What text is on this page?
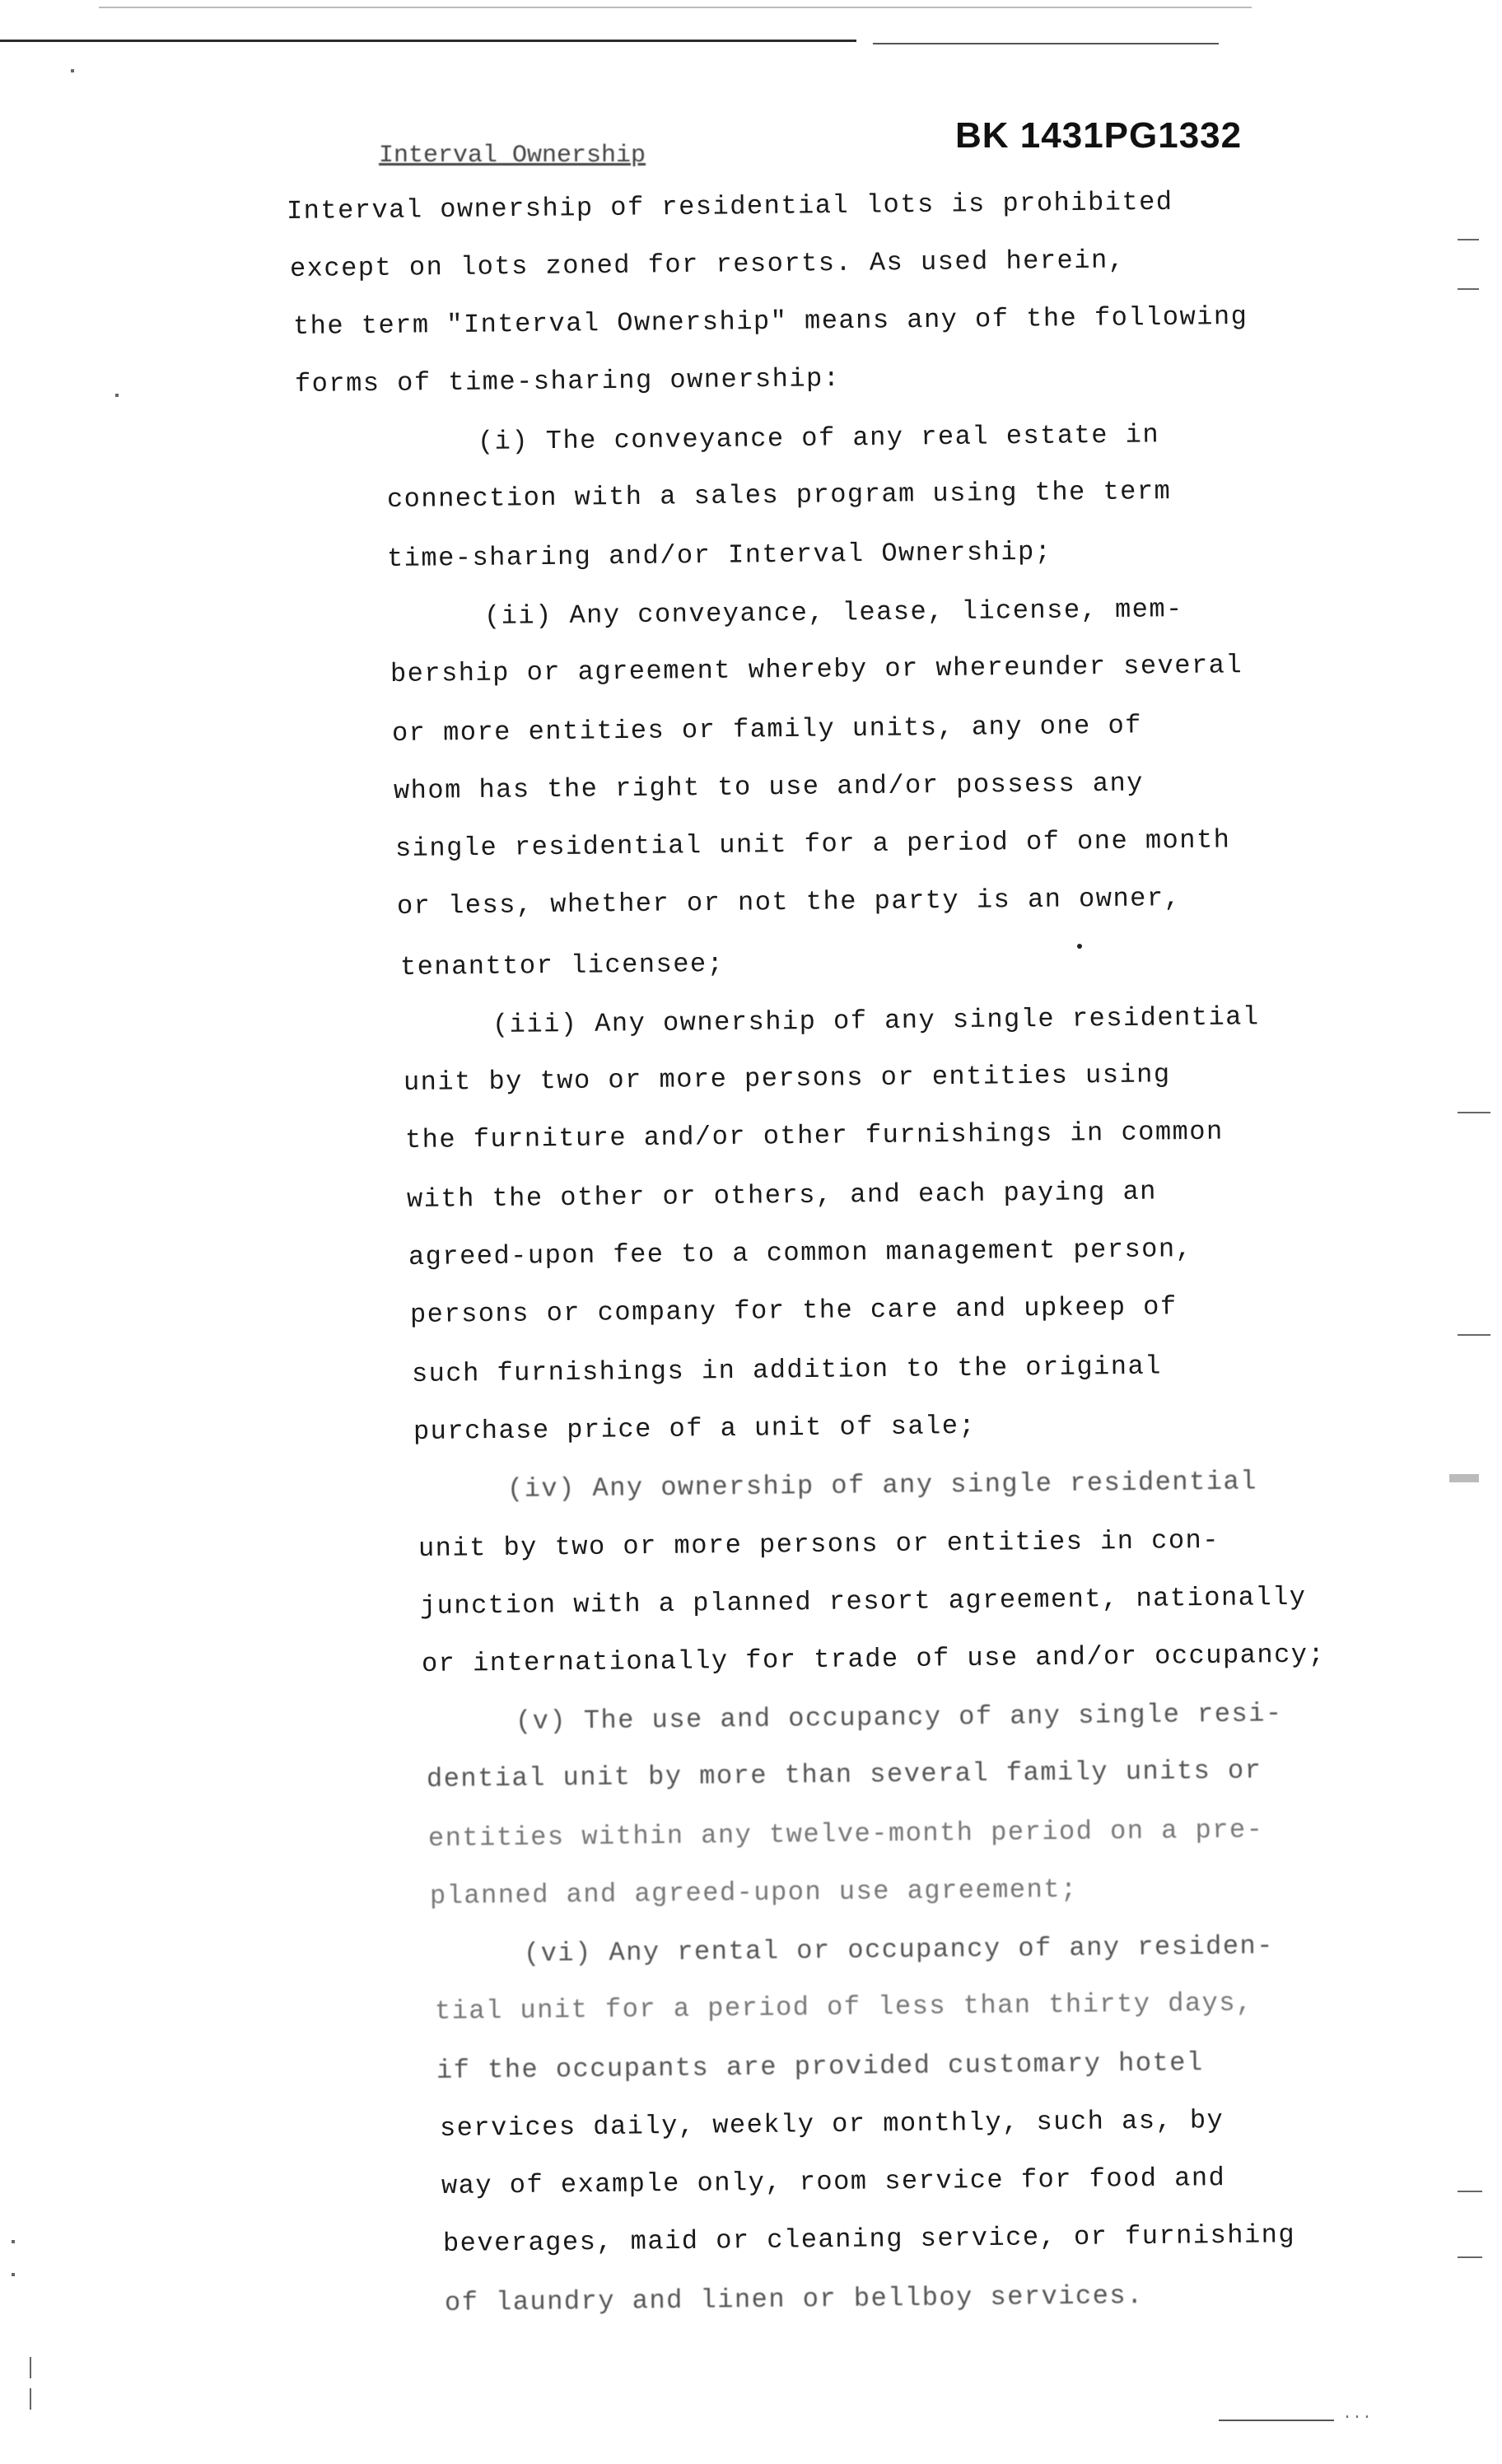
BK 1431PG1332
Interval Ownership
Interval ownership of residential lots is prohibited
except on lots zoned for resorts. As used herein,
the term "Interval Ownership" means any of the following
forms of time-sharing ownership:
(i) The conveyance of any real estate in
connection with a sales program using the term
time-sharing and/or Interval Ownership;
(ii) Any conveyance, lease, license, mem-
bership or agreement whereby or whereunder several
or more entities or family units, any one of
whom has the right to use and/or possess any
single residential unit for a period of one month
or less, whether or not the party is an owner,
tenanttor licensee;
(iii) Any ownership of any single residential
unit by two or more persons or entities using
the furniture and/or other furnishings in common
with the other or others, and each paying an
agreed-upon fee to a common management person,
persons or company for the care and upkeep of
such furnishings in addition to the original
purchase price of a unit of sale;
(iv) Any ownership of any single residential
unit by two or more persons or entities in con-
junction with a planned resort agreement, nationally
or internationally for trade of use and/or occupancy;
(v) The use and occupancy of any single resi-
dential unit by more than several family units or
entities within any twelve-month period on a pre-
planned and agreed-upon use agreement;
(vi) Any rental or occupancy of any residen-
tial unit for a period of less than thirty days,
if the occupants are provided customary hotel
services daily, weekly or monthly, such as, by
way of example only, room service for food and
beverages, maid or cleaning service, or furnishing
of laundry and linen or bellboy services.
...
